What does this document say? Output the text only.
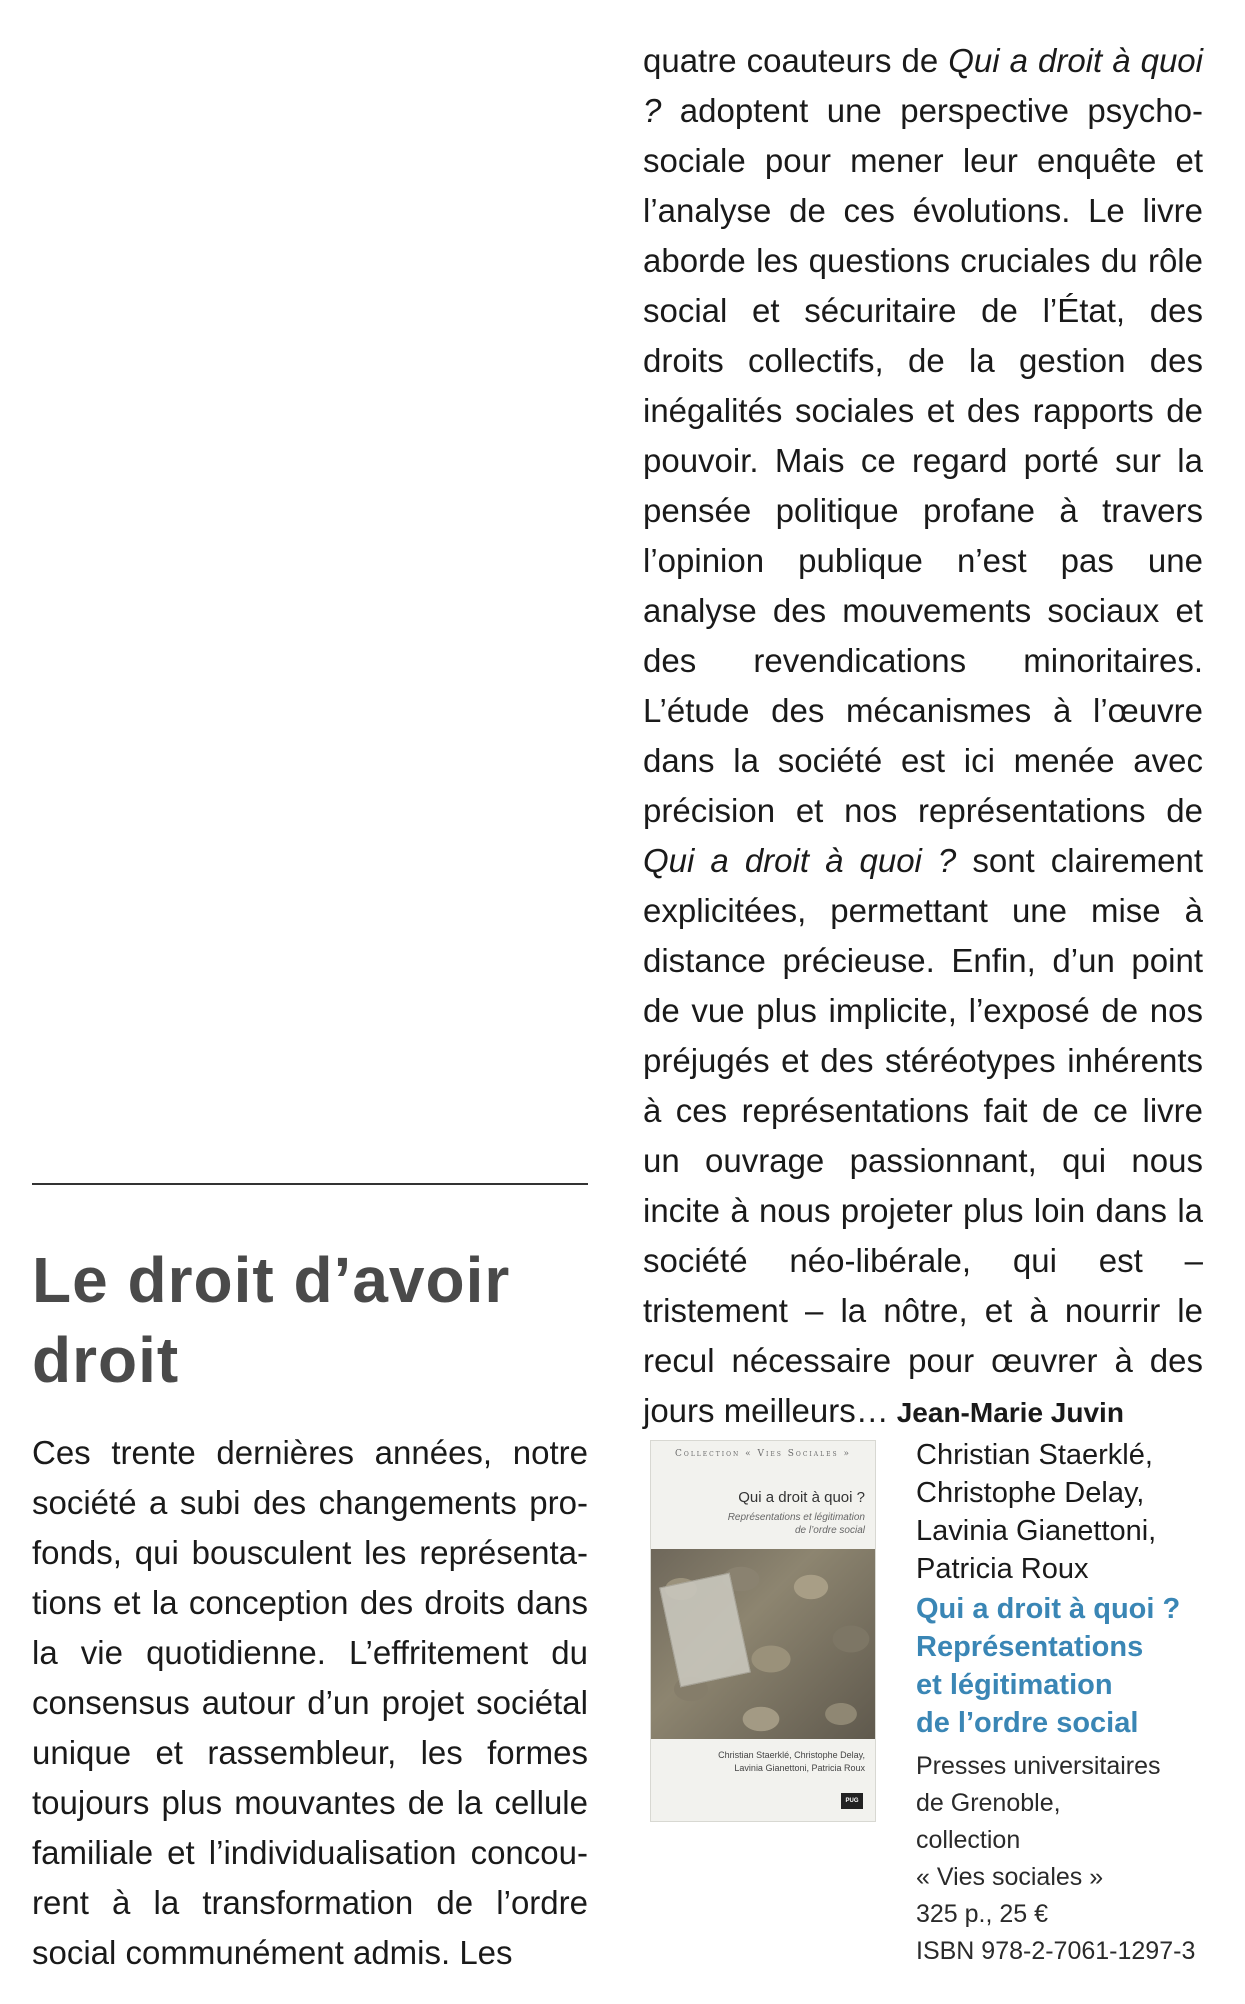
quatre coauteurs de Qui a droit à quoi ? adoptent une perspective psychosociale pour mener leur enquête et l’analyse de ces évolutions. Le livre aborde les questions cruciales du rôle social et sécuritaire de l’État, des droits collectifs, de la gestion des inégalités sociales et des rapports de pouvoir. Mais ce regard porté sur la pensée politique profane à travers l’opinion publique n’est pas une analyse des mouvements sociaux et des revendications minoritaires. L’étude des mécanismes à l’œuvre dans la société est ici menée avec précision et nos représentations de Qui a droit à quoi ? sont clairement explicitées, permettant une mise à distance précieuse. Enfin, d’un point de vue plus implicite, l’exposé de nos préjugés et des stéréotypes inhérents à ces représentations fait de ce livre un ouvrage passionnant, qui nous incite à nous projeter plus loin dans la société néo-libérale, qui est – tristement – la nôtre, et à nourrir le recul nécessaire pour œuvrer à des jours meilleurs… Jean-Marie Juvin
Le droit d’avoir droit
Ces trente dernières années, notre société a subi des changements profonds, qui bousculent les représentations et la conception des droits dans la vie quotidienne. L’effritement du consensus autour d’un projet sociétal unique et rassembleur, les formes toujours plus mouvantes de la cellule familiale et l’individualisation concourent à la transformation de l’ordre social communément admis. Les
Collection « Vies Sociales »
Qui a droit à quoi ?
Représentations et légitimation
de l’ordre social
Christian Staerklé, Christophe Delay,
Lavinia Gianettoni, Patricia Roux
PUG
Christian Staerklé,
Christophe Delay,
Lavinia Gianettoni,
Patricia Roux
Qui a droit à quoi ?
Représentations
et légitimation
de l’ordre social
Presses universitaires
de Grenoble,
collection
« Vies sociales »
325 p., 25 €
ISBN 978-2-7061-1297-3
